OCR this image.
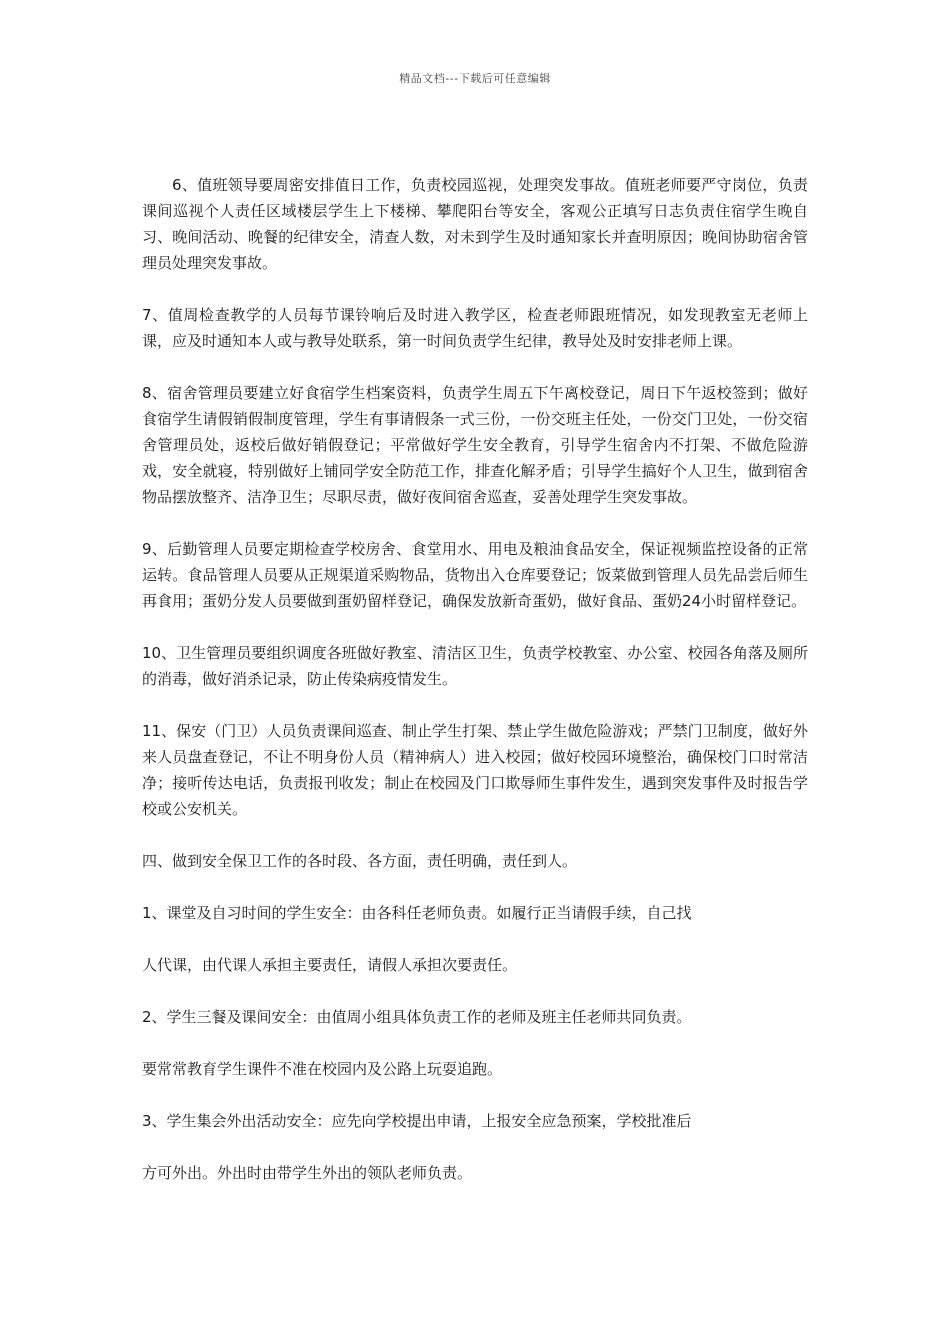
精品文档---下载后可任意编辑

6、值班领导要周密安排值日工作，负责校园巡视，处理突发事故。值班老师要严守岗位，负责课间巡视个人责任区域楼层学生上下楼梯、攀爬阳台等安全，客观公正填写日志负责住宿学生晚自习、晚间活动、晚餐的纪律安全，清查人数，对未到学生及时通知家长并查明原因；晚间协助宿舍管理员处理突发事故。

7、值周检查教学的人员每节课铃响后及时进入教学区，检查老师跟班情况，如发现教室无老师上课，应及时通知本人或与教导处联系，第一时间负责学生纪律，教导处及时安排老师上课。

8、宿舍管理员要建立好食宿学生档案资料，负责学生周五下午离校登记，周日下午返校签到；做好食宿学生请假销假制度管理，学生有事请假条一式三份，一份交班主任处，一份交门卫处，一份交宿舍管理员处，返校后做好销假登记；平常做好学生安全教育，引导学生宿舍内不打架、不做危险游戏，安全就寝，特别做好上铺同学安全防范工作，排查化解矛盾；引导学生搞好个人卫生，做到宿舍物品摆放整齐、洁净卫生；尽职尽责，做好夜间宿舍巡查，妥善处理学生突发事故。

9、后勤管理人员要定期检查学校房舍、食堂用水、用电及粮油食品安全，保证视频监控设备的正常运转。食品管理人员要从正规渠道采购物品，货物出入仓库要登记；饭菜做到管理人员先品尝后师生再食用；蛋奶分发人员要做到蛋奶留样登记，确保发放新奇蛋奶，做好食品、蛋奶24小时留样登记。

10、卫生管理员要组织调度各班做好教室、清洁区卫生，负责学校教室、办公室、校园各角落及厕所的消毒，做好消杀记录，防止传染病疫情发生。

11、保安（门卫）人员负责课间巡查、制止学生打架、禁止学生做危险游戏；严禁门卫制度，做好外来人员盘查登记，不让不明身份人员（精神病人）进入校园；做好校园环境整治，确保校门口时常洁净；接听传达电话，负责报刊收发；制止在校园及门口欺辱师生事件发生，遇到突发事件及时报告学校或公安机关。

四、做到安全保卫工作的各时段、各方面，责任明确，责任到人。

1、课堂及自习时间的学生安全：由各科任老师负责。如履行正当请假手续，自己找

人代课，由代课人承担主要责任，请假人承担次要责任。

2、学生三餐及课间安全：由值周小组具体负责工作的老师及班主任老师共同负责。

要常常教育学生课件不准在校园内及公路上玩耍追跑。

3、学生集会外出活动安全：应先向学校提出申请，上报安全应急预案，学校批准后

方可外出。外出时由带学生外出的领队老师负责。
